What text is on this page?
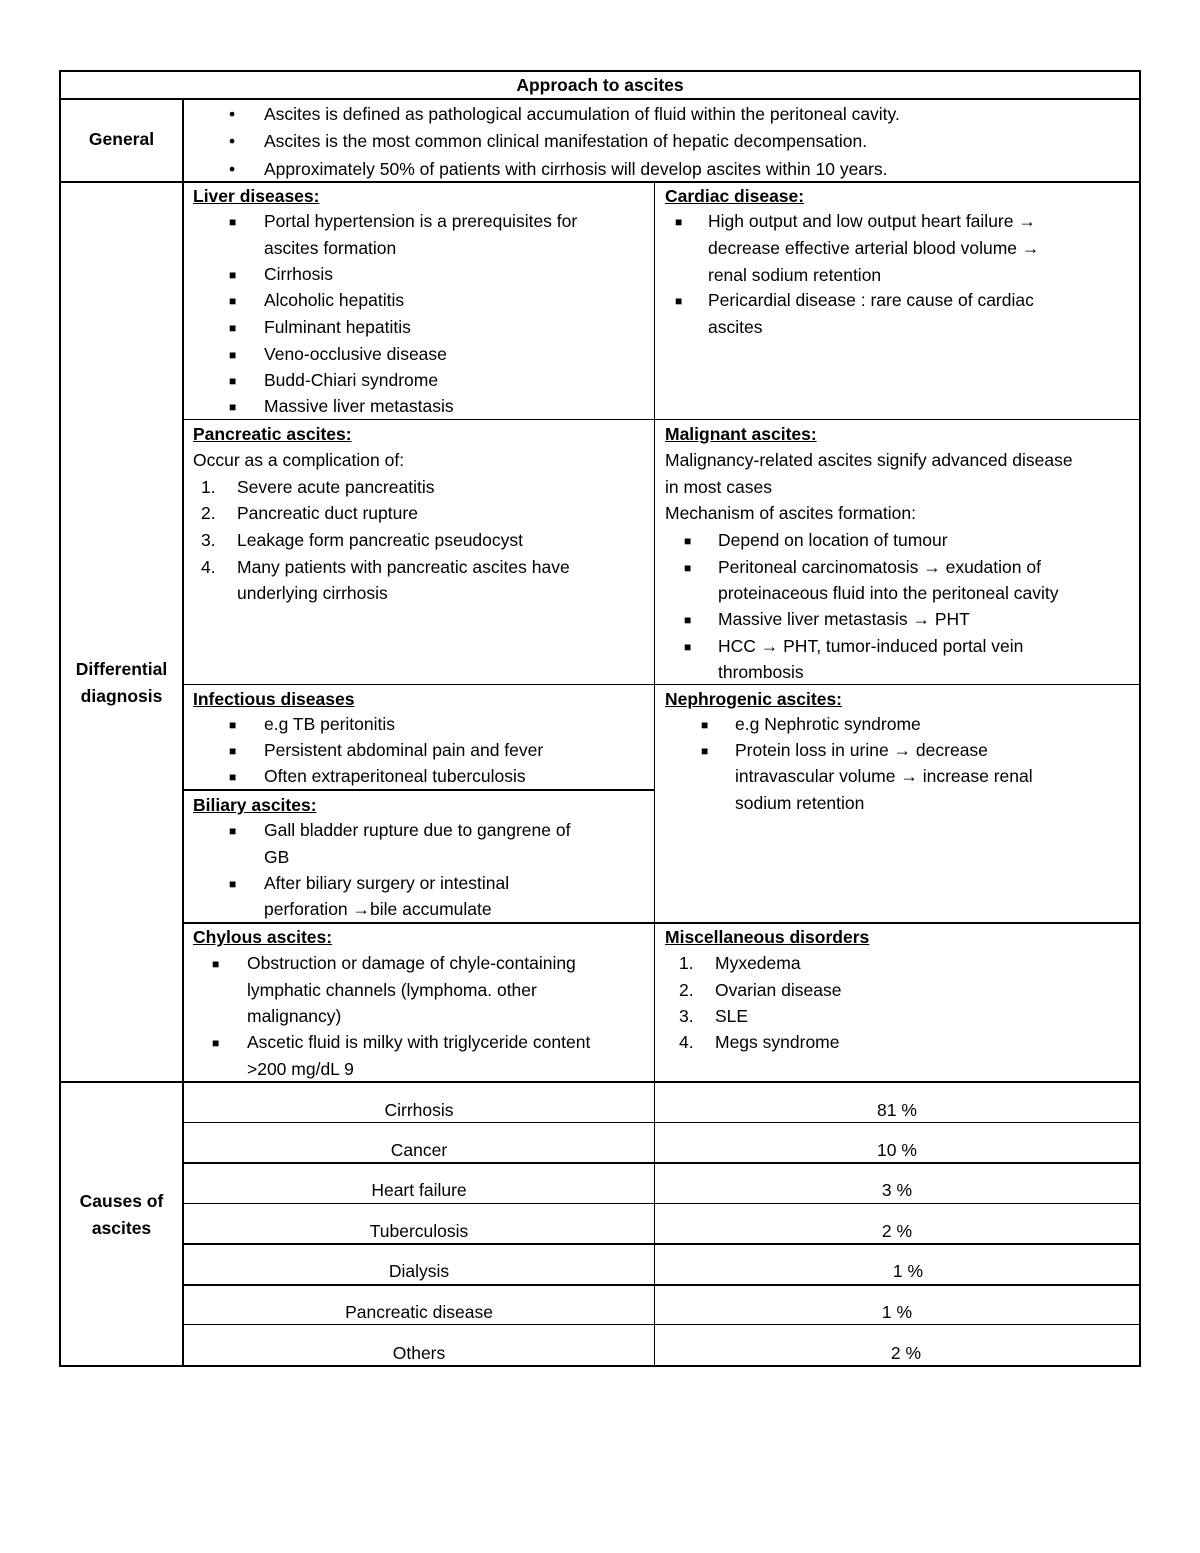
Approach to ascites
General
• Ascites is defined as pathological accumulation of fluid within the peritoneal cavity.
• Ascites is the most common clinical manifestation of hepatic decompensation.
• Approximately 50% of patients with cirrhosis will develop ascites within 10 years.
Differential
diagnosis
Liver diseases:
■ Portal hypertension is a prerequisites for
ascites formation
■ Cirrhosis
■ Alcoholic hepatitis
■ Fulminant hepatitis
■ Veno-occlusive disease
■ Budd-Chiari syndrome
■ Massive liver metastasis
Cardiac disease:
■ High output and low output heart failure →
decrease effective arterial blood volume →
renal sodium retention
■ Pericardial disease : rare cause of cardiac
ascites
Pancreatic ascites:
Occur as a complication of:
1. Severe acute pancreatitis
2. Pancreatic duct rupture
3. Leakage form pancreatic pseudocyst
4. Many patients with pancreatic ascites have
underlying cirrhosis
Malignant ascites:
Malignancy-related ascites signify advanced disease
in most cases
Mechanism of ascites formation:
■ Depend on location of tumour
■ Peritoneal carcinomatosis → exudation of
proteinaceous fluid into the peritoneal cavity
■ Massive liver metastasis → PHT
■ HCC → PHT, tumor-induced portal vein
thrombosis
Infectious diseases
■ e.g TB peritonitis
■ Persistent abdominal pain and fever
■ Often extraperitoneal tuberculosis
Nephrogenic ascites:
■ e.g Nephrotic syndrome
■ Protein loss in urine → decrease
intravascular volume → increase renal
sodium retention
Biliary ascites:
■ Gall bladder rupture due to gangrene of
GB
■ After biliary surgery or intestinal
perforation →bile accumulate
Chylous ascites:
■ Obstruction or damage of chyle-containing
lymphatic channels (lymphoma. other
malignancy)
■ Ascetic fluid is milky with triglyceride content
>200 mg/dL 9
Miscellaneous disorders
1. Myxedema
2. Ovarian disease
3. SLE
4. Megs syndrome
Causes of
ascites
Cirrhosis	81 %
Cancer	10 %
Heart failure	3 %
Tuberculosis	2 %
Dialysis	1 %
Pancreatic disease	1 %
Others	2 %
